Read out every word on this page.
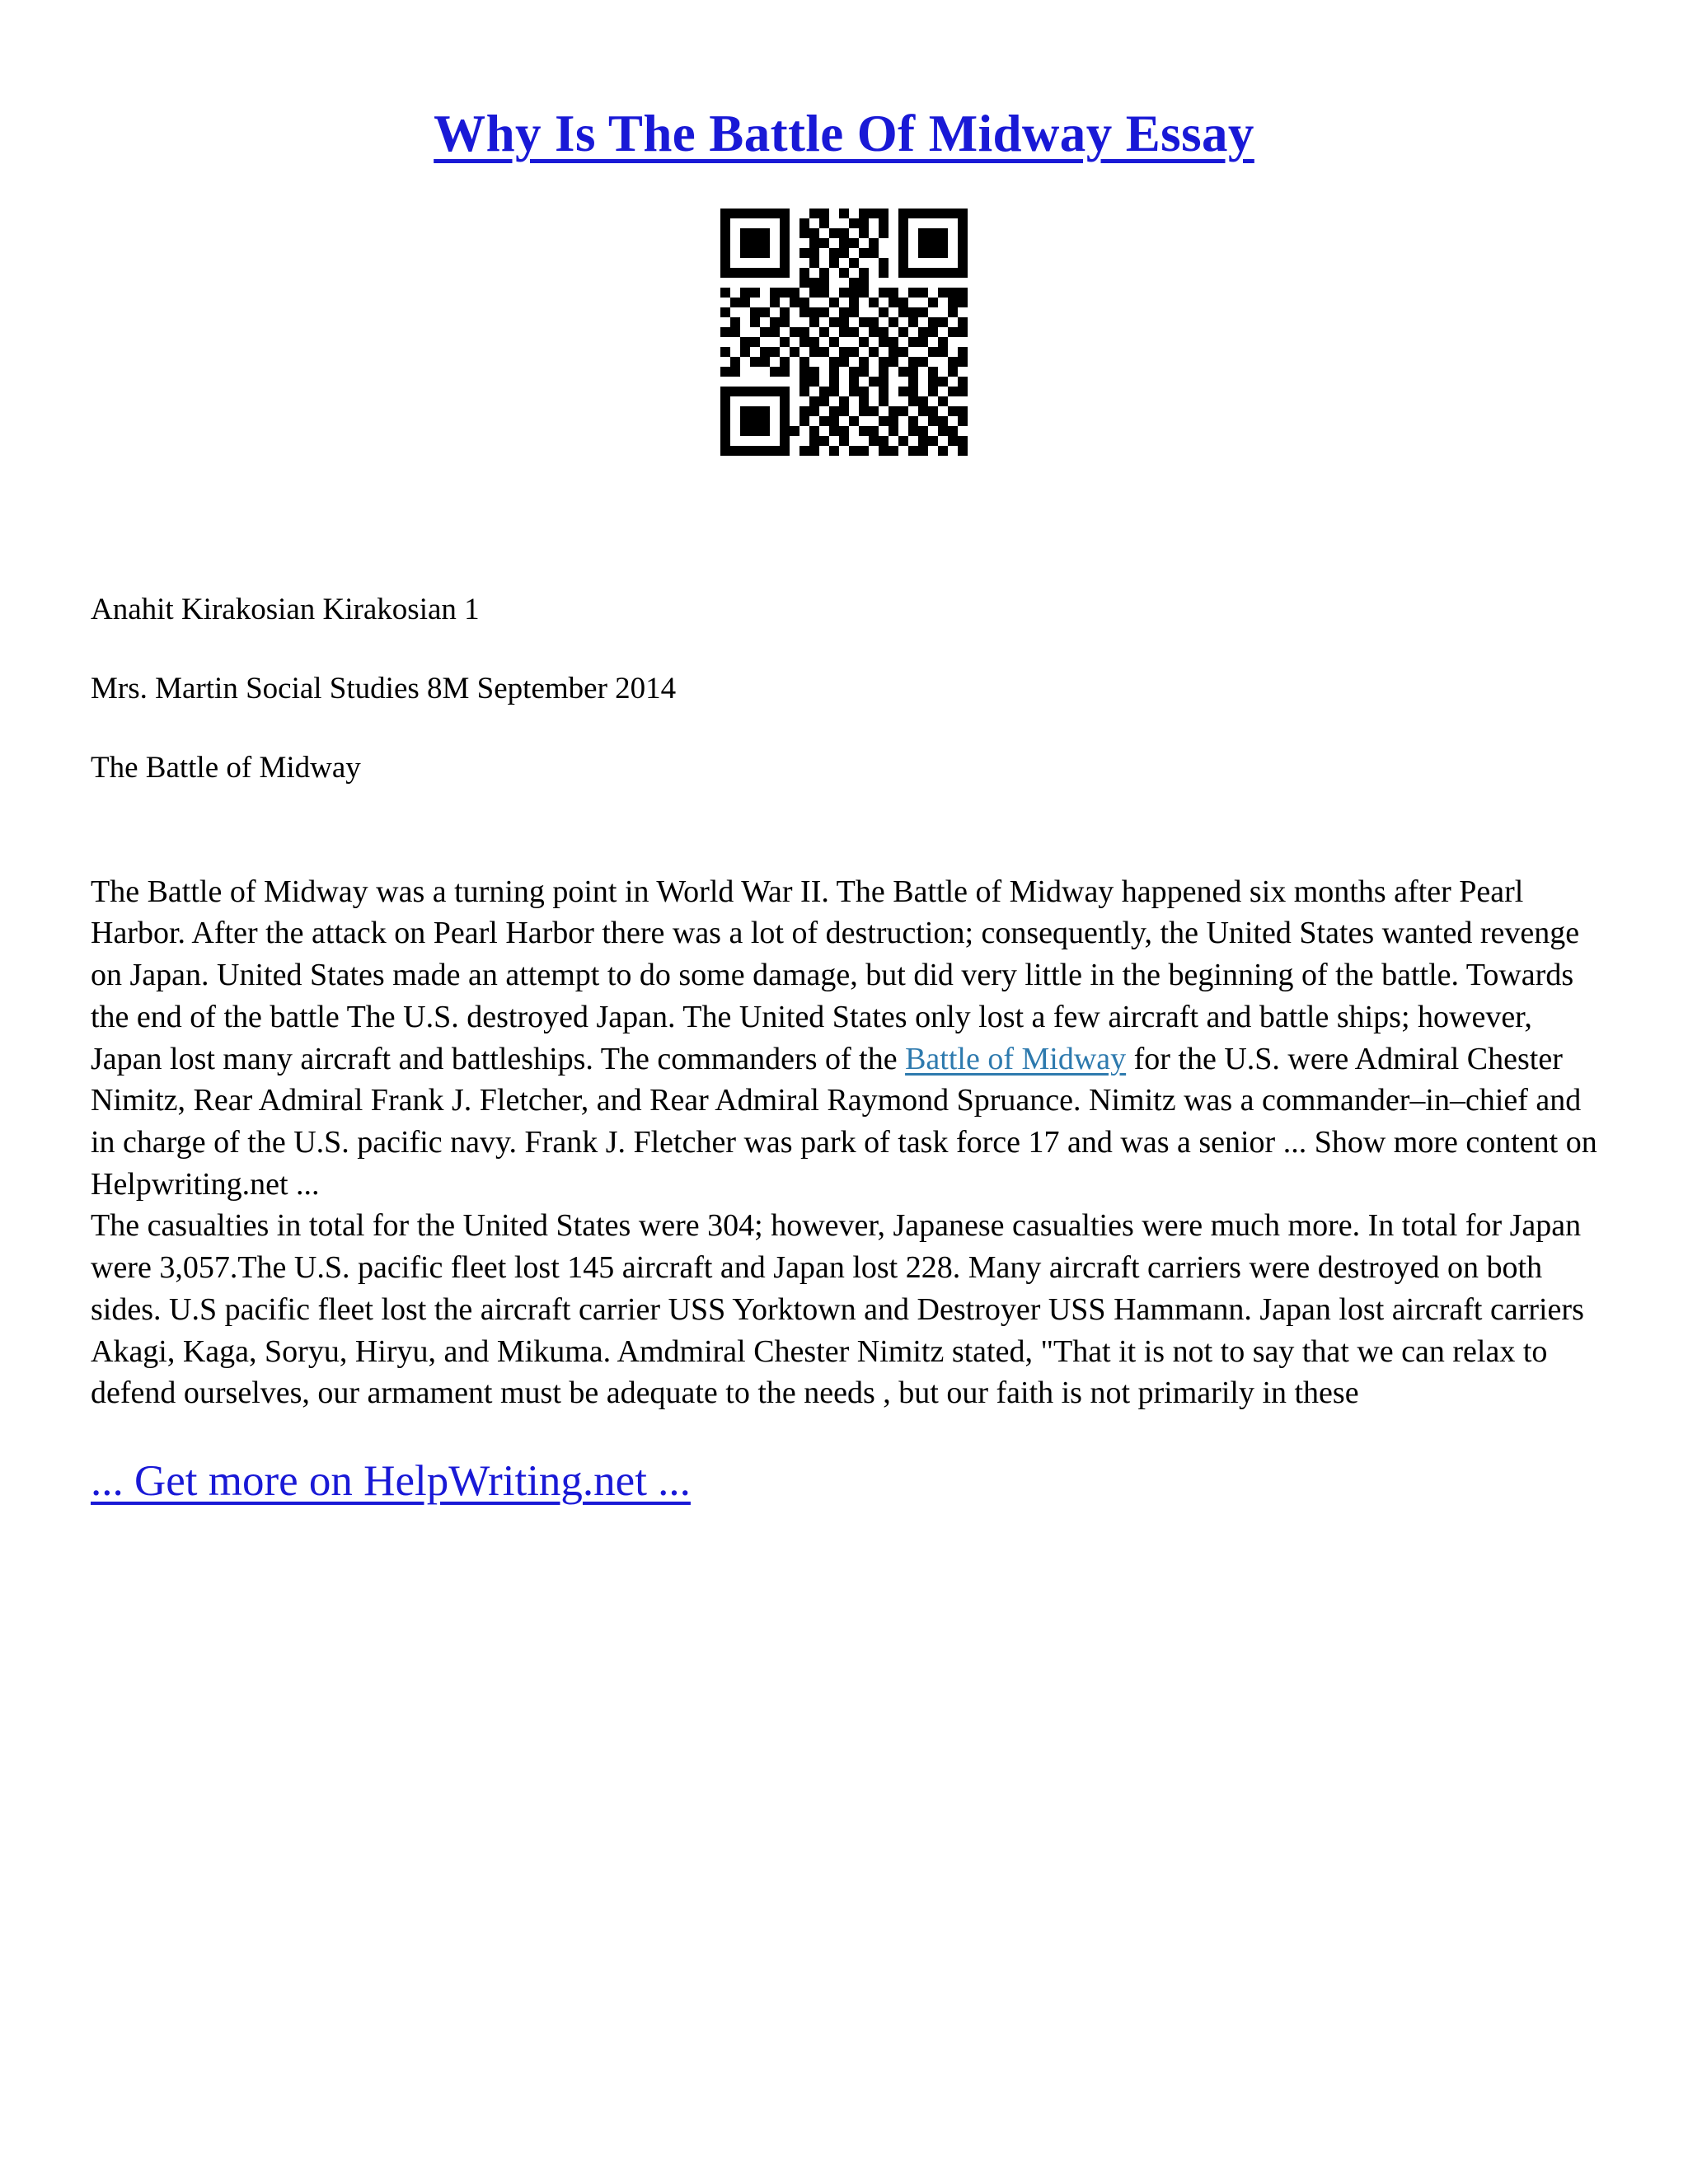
Why Is The Battle Of Midway Essay

Anahit Kirakosian Kirakosian 1

Mrs. Martin Social Studies 8M September 2014

The Battle of Midway

The Battle of Midway was a turning point in World War II. The Battle of Midway happened six months after Pearl Harbor. After the attack on Pearl Harbor there was a lot of destruction; consequently, the United States wanted revenge on Japan. United States made an attempt to do some damage, but did very little in the beginning of the battle. Towards the end of the battle The U.S. destroyed Japan. The United States only lost a few aircraft and battle ships; however, Japan lost many aircraft and battleships. The commanders of the Battle of Midway for the U.S. were Admiral Chester Nimitz, Rear Admiral Frank J. Fletcher, and Rear Admiral Raymond Spruance. Nimitz was a commander–in–chief and in charge of the U.S. pacific navy. Frank J. Fletcher was park of task force 17 and was a senior ... Show more content on Helpwriting.net ...

The casualties in total for the United States were 304; however, Japanese casualties were much more. In total for Japan were 3,057.The U.S. pacific fleet lost 145 aircraft and Japan lost 228. Many aircraft carriers were destroyed on both sides. U.S pacific fleet lost the aircraft carrier USS Yorktown and Destroyer USS Hammann. Japan lost aircraft carriers Akagi, Kaga, Soryu, Hiryu, and Mikuma. Amdmiral Chester Nimitz stated, "That it is not to say that we can relax to defend ourselves, our armament must be adequate to the needs , but our faith is not primarily in these

... Get more on HelpWriting.net ...
